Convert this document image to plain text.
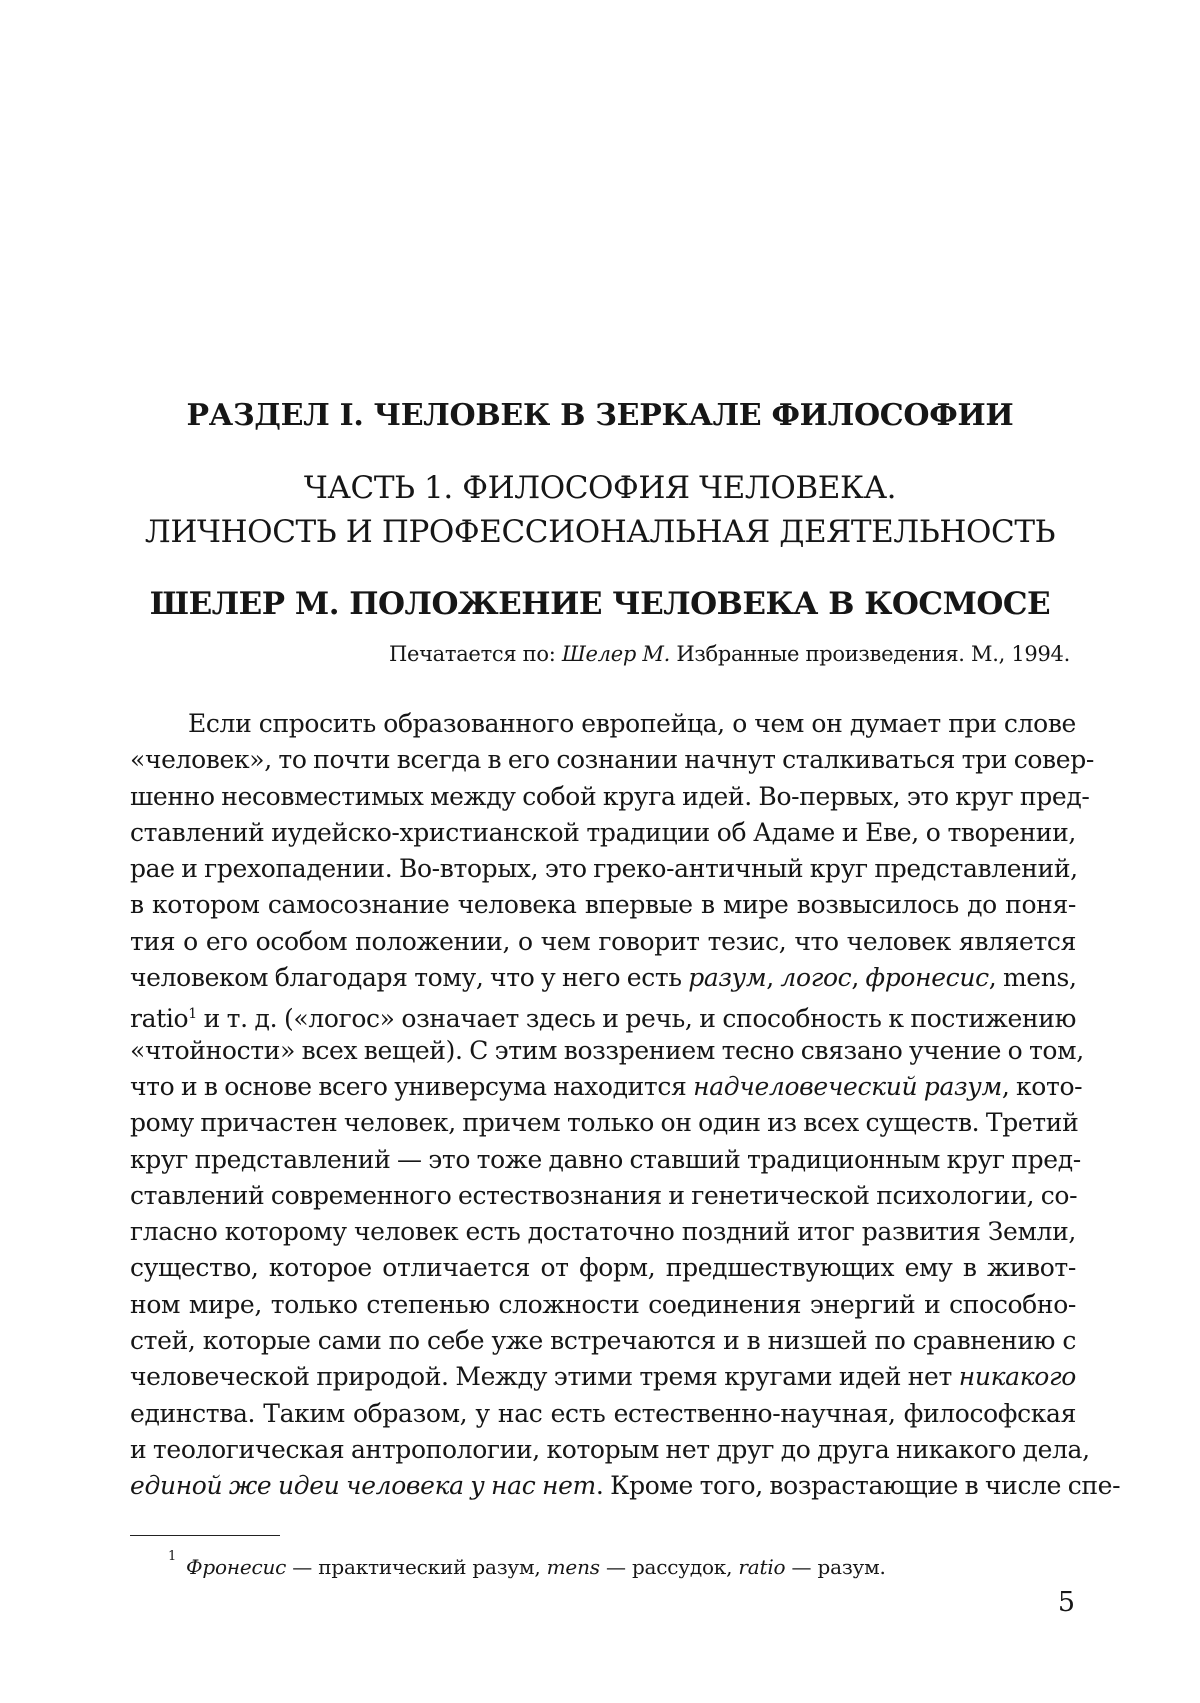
РАЗДЕЛ I. ЧЕЛОВЕК В ЗЕРКАЛЕ ФИЛОСОФИИ
ЧАСТЬ 1. ФИЛОСОФИЯ ЧЕЛОВЕКА.
ЛИЧНОСТЬ И ПРОФЕССИОНАЛЬНАЯ ДЕЯТЕЛЬНОСТЬ
ШЕЛЕР М. ПОЛОЖЕНИЕ ЧЕЛОВЕКА В КОСМОСЕ

Печатается по: Шелер М. Избранные произведения. М., 1994.

Если спросить образованного европейца, о чем он думает при слове
«человек», то почти всегда в его сознании начнут сталкиваться три совер-
шенно несовместимых между собой круга идей. Во-первых, это круг пред-
ставлений иудейско-христианской традиции об Адаме и Еве, о творении,
рае и грехопадении. Во-вторых, это греко-античный круг представлений,
в котором самосознание человека впервые в мире возвысилось до поня-
тия о его особом положении, о чем говорит тезис, что человек является
человеком благодаря тому, что у него есть разум, логос, фронесис, mens,
ratio$^1$ и т. д. («логос» означает здесь и речь, и способность к постижению
«чтойности» всех вещей). С этим воззрением тесно связано учение о том,
что и в основе всего универсума находится надчеловеческий разум, кото-
рому причастен человек, причем только он один из всех существ. Третий
круг представлений — это тоже давно ставший традиционным круг пред-
ставлений современного естествознания и генетической психологии, со-
гласно которому человек есть достаточно поздний итог развития Земли,
существо, которое отличается от форм, предшествующих ему в живот-
ном мире, только степенью сложности соединения энергий и способно-
стей, которые сами по себе уже встречаются и в низшей по сравнению с
человеческой природой. Между этими тремя кругами идей нет никакого
единства. Таким образом, у нас есть естественно-научная, философская
и теологическая антропологии, которым нет друг до друга никакого дела,
единой же идеи человека у нас нет. Кроме того, возрастающие в числе спе-

1 Фронесис — практический разум, mens — рассудок, ratio — разум.

5
